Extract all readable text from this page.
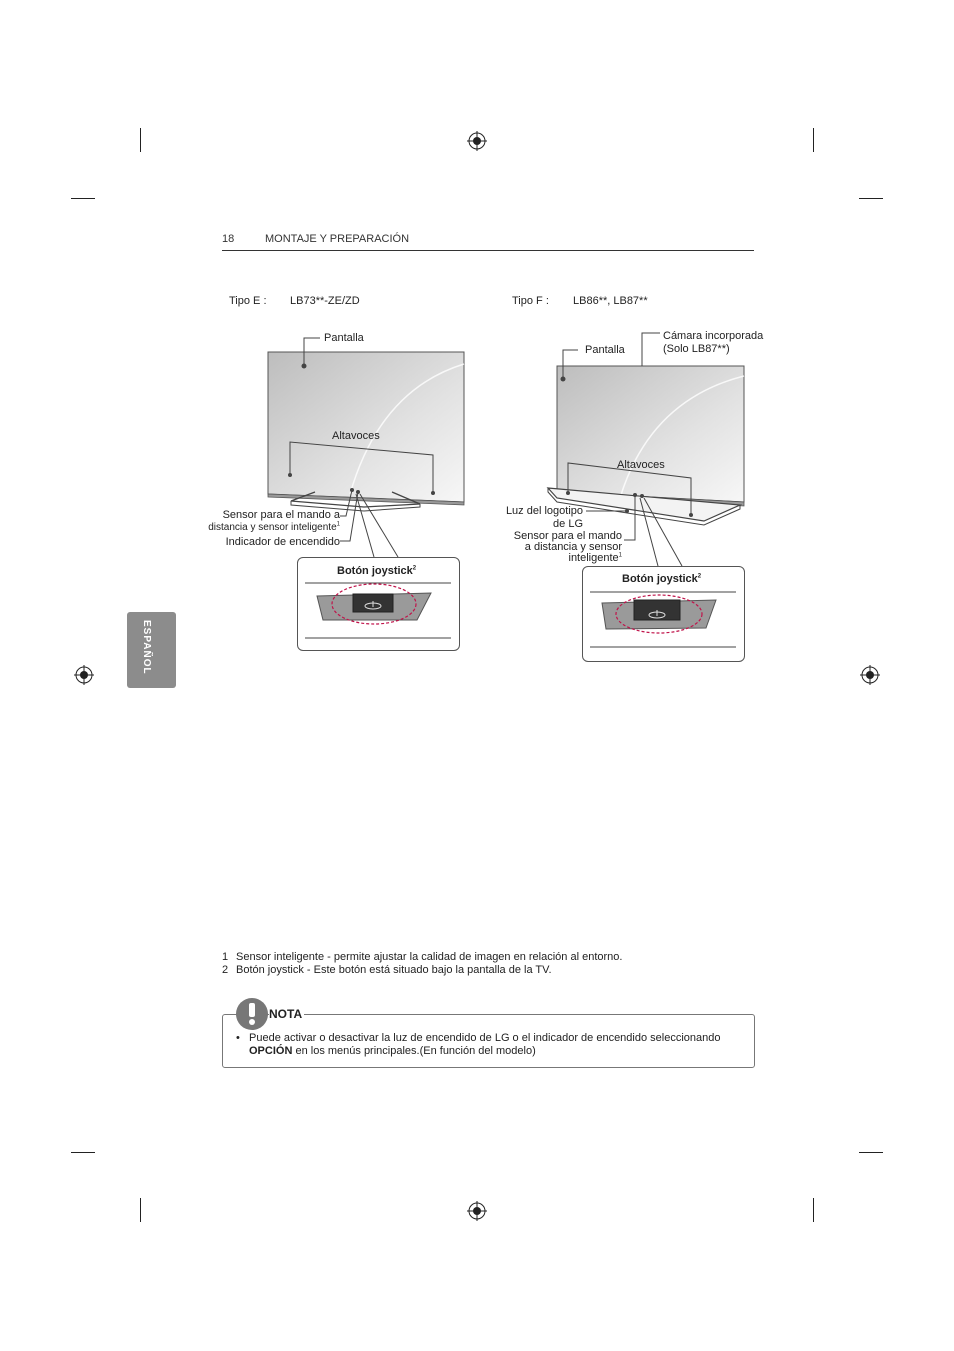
18	MONTAJE Y PREPARACIÓN
ESPAÑOL
Tipo E : LB73**-ZE/ZD
Pantalla
Altavoces
Sensor para el mando a
distancia y sensor inteligente$^1$
Indicador de encendido
Botón joystick$^2$
Tipo F : LB86**, LB87**
Pantalla
Cámara incorporada
(Solo LB87**)
Altavoces
Luz del logotipo
de LG
Sensor para el mando
a distancia y sensor
inteligente$^1$
Botón joystick$^2$
1 Sensor inteligente - permite ajustar la calidad de imagen en relación al entorno.
2 Botón joystick - Este botón está situado bajo la pantalla de la TV.
NOTA
• Puede activar o desactivar la luz de encendido de LG o el indicador de encendido seleccionando
OPCIÓN en los menús principales.(En función del modelo)
